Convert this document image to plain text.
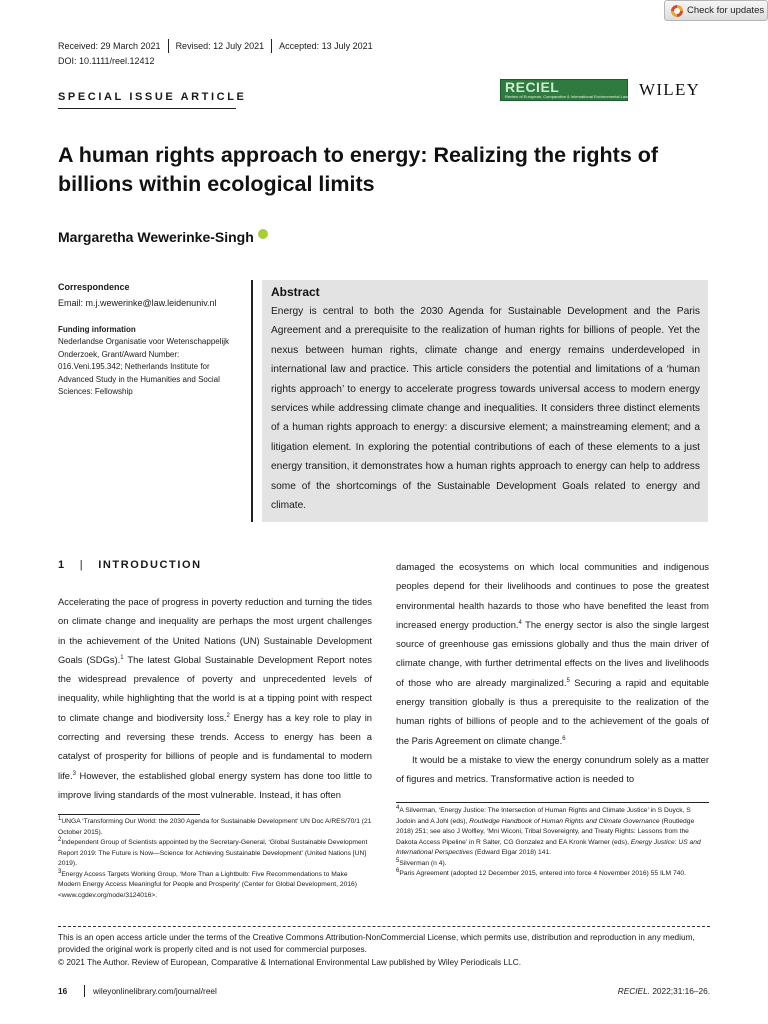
Check for updates
Received: 29 March 2021 Revised: 12 July 2021 Accepted: 13 July 2021
DOI: 10.1111/reel.12412
SPECIAL ISSUE ARTICLE
RECIEL
Review of European, Comparative & International Environmental Law WILEY
A human rights approach to energy: Realizing the rights of billions within ecological limits
Margaretha Wewerinke-Singh
Correspondence
Email: m.j.wewerinke@law.leidenuniv.nl
Funding information
Nederlandse Organisatie voor Wetenschappelijk Onderzoek, Grant/Award Number: 016.Veni.195.342; Netherlands Institute for Advanced Study in the Humanities and Social Sciences: Fellowship
Abstract
Energy is central to both the 2030 Agenda for Sustainable Development and the Paris Agreement and a prerequisite to the realization of human rights for billions of people. Yet the nexus between human rights, climate change and energy remains underdeveloped in international law and practice. This article considers the potential and limitations of a ‘human rights approach’ to energy to accelerate progress towards universal access to modern energy services while addressing climate change and inequalities. It considers three distinct elements of a human rights approach to energy: a discursive element; a mainstreaming element; and a litigation element. In exploring the potential contributions of each of these elements to a just energy transition, it demonstrates how a human rights approach to energy can help to address some of the shortcomings of the Sustainable Development Goals related to energy and climate.
1 | INTRODUCTION
Accelerating the pace of progress in poverty reduction and turning the tides on climate change and inequality are perhaps the most urgent challenges in the achievement of the United Nations (UN) Sustainable Development Goals (SDGs).$^1$ The latest Global Sustainable Development Report notes the widespread prevalence of poverty and unprecedented levels of inequality, while highlighting that the world is at a tipping point with respect to climate change and biodiversity loss.$^2$ Energy has a key role to play in correcting and reversing these trends. Access to energy has been a catalyst of prosperity for billions of people and is fundamental to modern life.$^3$ However, the established global energy system has done too little to improve living standards of the most vulnerable. Instead, it has often
damaged the ecosystems on which local communities and indigenous peoples depend for their livelihoods and continues to pose the greatest environmental health hazards to those who have benefited the least from increased energy production.$^4$ The energy sector is also the single largest source of greenhouse gas emissions globally and thus the main driver of climate change, with further detrimental effects on the lives and livelihoods of those who are already marginalized.$^5$ Securing a rapid and equitable energy transition globally is thus a prerequisite to the realization of the human rights of billions of people and to the achievement of the goals of the Paris Agreement on climate change.$^6$
It would be a mistake to view the energy conundrum solely as a matter of figures and metrics. Transformative action is needed to

$^1$UNGA ‘Transforming Our World: the 2030 Agenda for Sustainable Development’ UN Doc A/RES/70/1 (21 October 2015).

$^2$Independent Group of Scientists appointed by the Secretary-General, ‘Global Sustainable Development Report 2019: The Future is Now—Science for Achieving Sustainable Development’ (United Nations [UN] 2019).

$^3$Energy Access Targets Working Group, ‘More Than a Lightbulb: Five Recommendations to Make Modern Energy Access Meaningful for People and Prosperity’ (Center for Global Development, 2016) <www.cgdev.org/node/3124016>.

$^4$A Silverman, ‘Energy Justice: The Intersection of Human Rights and Climate Justice’ in S Duyck, S Jodoin and A Johl (eds), Routledge Handbook of Human Rights and Climate Governance (Routledge 2018) 251; see also J Wolfley, ‘Mni Wiconi, Tribal Sovereignty, and Treaty Rights: Lessons from the Dakota Access Pipeline’ in R Salter, CG Gonzalez and EA Kronk Warner (eds), Energy Justice: US and International Perspectives (Edward Elgar 2018) 141.

$^5$Silverman (n 4).

$^6$Paris Agreement (adopted 12 December 2015, entered into force 4 November 2016) 55 ILM 740.

This is an open access article under the terms of the Creative Commons Attribution-NonCommercial License, which permits use, distribution and reproduction in any medium, provided the original work is properly cited and is not used for commercial purposes.
© 2021 The Author. Review of European, Comparative & International Environmental Law published by Wiley Periodicals LLC.
16	wileyonlinelibrary.com/journal/reel	RECIEL. 2022;31:16–26.
